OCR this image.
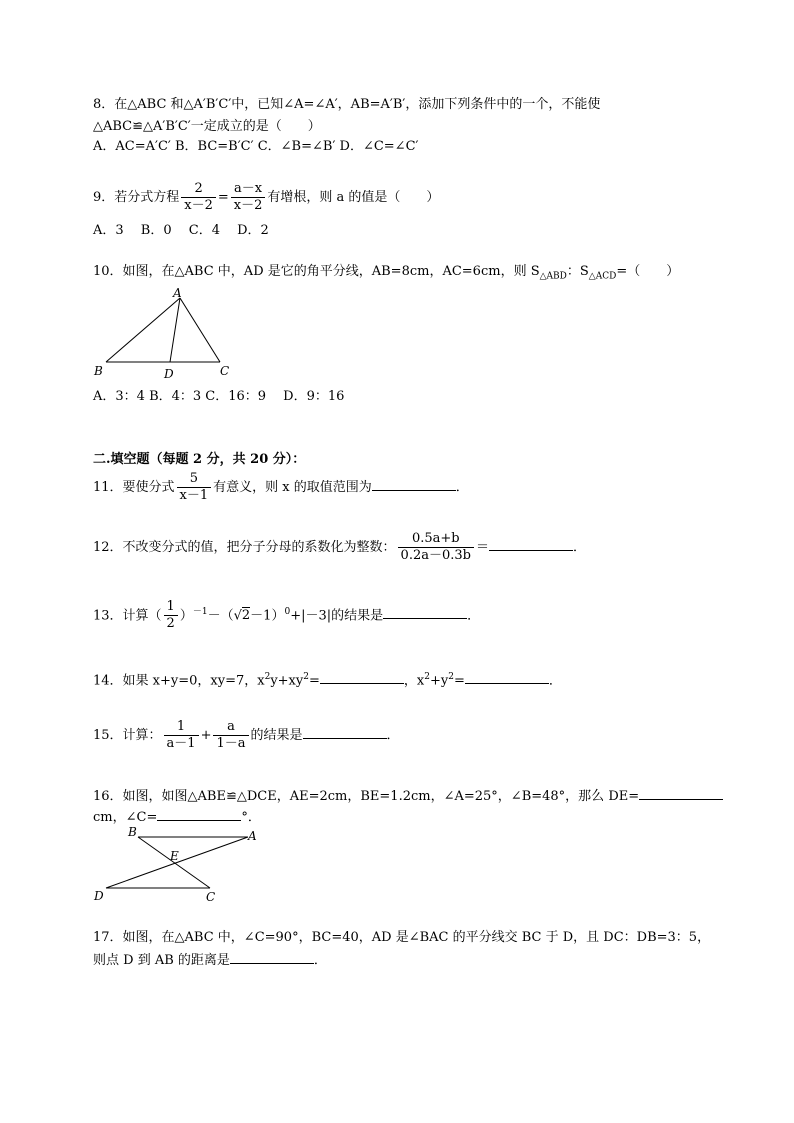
8．在△ABC 和△A′B′C′中，已知∠A=∠A′，AB=A′B′，添加下列条件中的一个，不能使
△ABC≌△A′B′C′一定成立的是（　　）
A．AC=A′C′ B．BC=B′C′ C．∠B=∠B′ D．∠C=∠C′
9．若分式方程 $\frac{2}{x-2} = \frac{a-x}{x-2}$ 有增根，则 a 的值是（　　）
A．3　 B．0　 C．4　 D．2
10．如图，在△ABC 中，AD 是它的角平分线，AB=8cm，AC=6cm，则 $S_{\triangle ABD}$：$S_{\triangle ACD}=$（　　）
A
B	D	C
A．3：4 B．4：3 C．16：9　 D．9：16
二.填空题（每题 2 分，共 20 分）：
11．要使分式 $\frac{5}{x-1}$ 有意义，则 x 的取值范围为	．
12．不改变分式的值，把分子分母的系数化为整数： $\frac{0.5a+b}{0.2a-0.3b}$ ＝	．
13．计算（ $\frac{1}{2} )^{-1}-(√2-1)^0+|-3|$的结果是	．
14．如果 x+y=0，xy=7，$x^2y+xy^2=$	，$x^2+y^2=$	．
15．计算： $\frac{1}{a-1} + \frac{a}{1-a}$ 的结果是	．
16．如图，如图△ABE≌△DCE，AE=2cm，BE=1.2cm，∠A=25°，∠B=48°，那么 DE=
cm，∠C=	°．
B	A
E
D	C
17．如图，在△ABC 中，∠C=90°，BC=40，AD 是∠BAC 的平分线交 BC 于 D，且 DC：DB=3：5，
则点 D 到 AB 的距离是	．
